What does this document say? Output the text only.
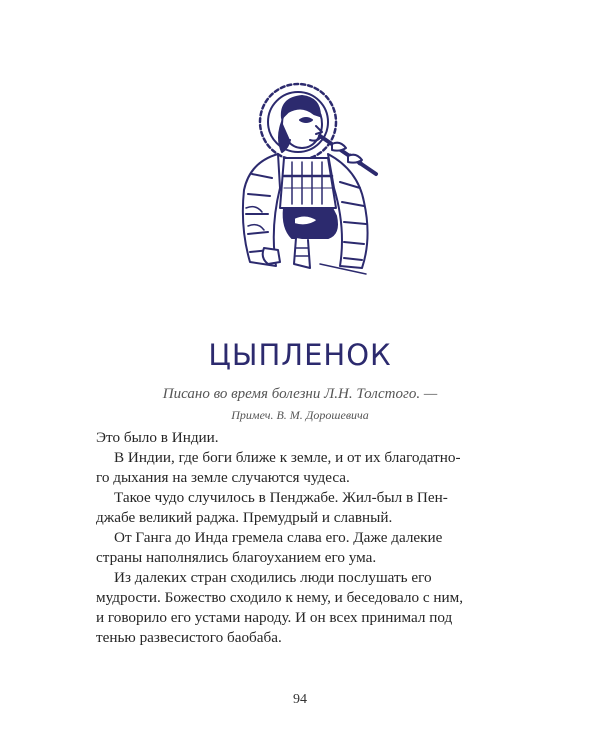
ЦЫПЛЕНОК
Писано во время болезни Л.Н. Толстого. —
Примеч. В. М. Дорошевича

Это было в Индии.

В Индии, где боги ближе к земле, и от их благодатно-
го дыхания на земле случаются чудеса.

Такое чудо случилось в Пенджабе. Жил-был в Пен-
джабе великий раджа. Премудрый и славный.

От Ганга до Инда гремела слава его. Даже далекие
страны наполнялись благоуханием его ума.

Из далеких стран сходились люди послушать его
мудрости. Божество сходило к нему, и беседовало с ним,
и говорило его устами народу. И он всех принимал под
тенью развесистого баобаба.

94
